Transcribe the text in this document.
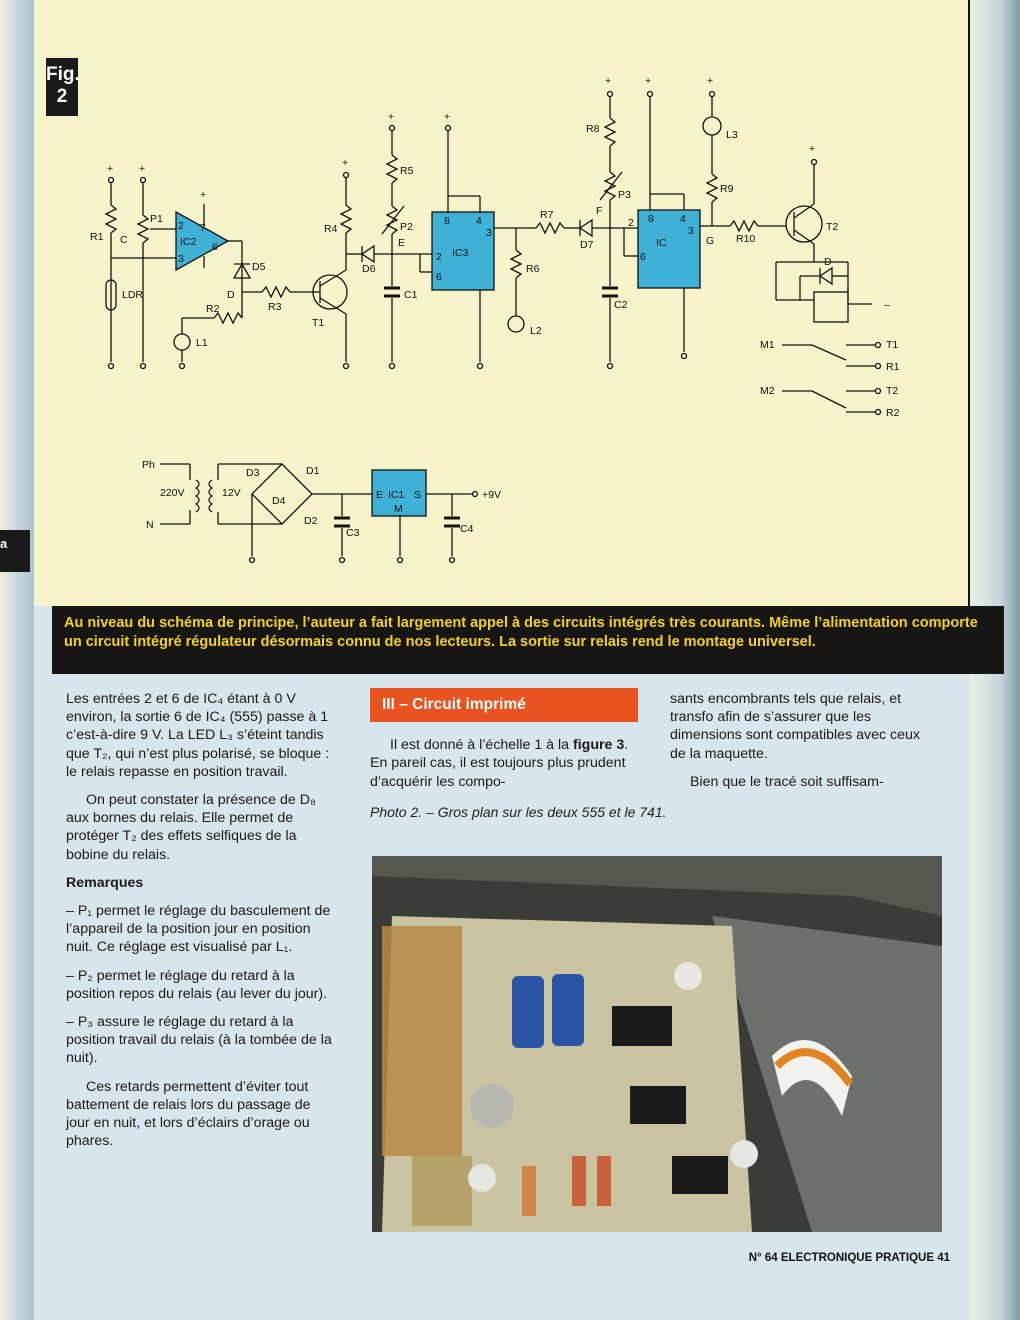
a
Fig.
2
+ +
R1 C
LDR
P1
IC2
2
3
7
6
+
D5
D
R3
R2
L1
T1
+
R4
D6
+
R5
P2
E
C1
+
IC3
8 4
2
6
3
R7
D7
R6
L2
+
R8
P3
F
C2
+
IC
8 4
2
6
3
+
L3
R9
G R10
T2
+
D
–
M1	T1
R1
M2	T2
R2
Ph
N
220V	12V
D3	D1
D4
D2
C3
E IC1 S
M
+9V
C4
Au niveau du schéma de principe, l’auteur a fait largement appel à des circuits intégrés très courants. Même l’alimentation comporte un circuit intégré régulateur désormais connu de nos lecteurs. La sortie sur relais rend le montage universel.

Les entrées 2 et 6 de IC₄ étant à 0 V environ, la sortie 6 de IC₄ (555) passe à 1 c’est-à-dire 9 V. La LED L₃ s’éteint tandis que T₂, qui n’est plus polarisé, se bloque : le relais repasse en position travail.

On peut constater la présence de D₈ aux bornes du relais. Elle permet de protéger T₂ des effets selfiques de la bobine du relais.

Remarques

– P₁ permet le réglage du basculement de l’appareil de la position jour en position nuit. Ce réglage est visualisé par L₁.

– P₂ permet le réglage du retard à la position repos du relais (au lever du jour).

– P₃ assure le réglage du retard à la position travail du relais (à la tombée de la nuit).

Ces retards permettent d’éviter tout battement de relais lors du passage de jour en nuit, et lors d’éclairs d’orage ou phares.

III – Circuit imprimé

Il est donné à l’échelle 1 à la figure 3. En pareil cas, il est toujours plus prudent d’acquérir les compo-

sants encombrants tels que relais, et transfo afin de s’assurer que les dimensions sont compatibles avec ceux de la maquette.

Bien que le tracé soit suffisam-

Photo 2. – Gros plan sur les deux 555 et le 741.
N° 64 ELECTRONIQUE PRATIQUE 41
